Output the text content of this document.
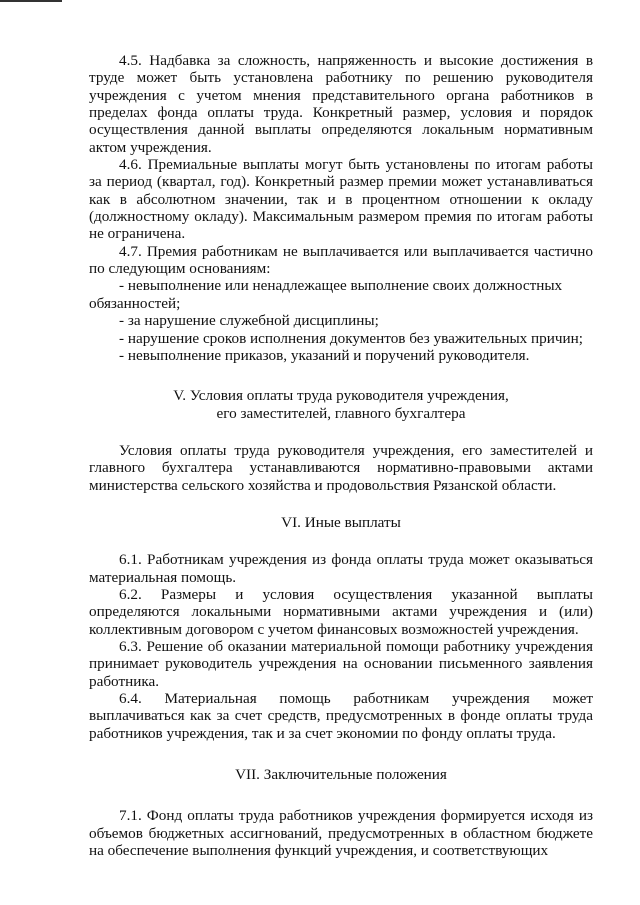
4.5. Надбавка за сложность, напряженность и высокие достижения в труде может быть установлена работнику по решению руководителя учреждения с учетом мнения представительного органа работников в пределах фонда оплаты труда. Конкретный размер, условия и порядок осуществления данной выплаты определяются локальным нормативным актом учреждения.

4.6. Премиальные выплаты могут быть установлены по итогам работы за период (квартал, год). Конкретный размер премии может устанавливаться как в абсолютном значении, так и в процентном отношении к окладу (должностному окладу). Максимальным размером премия по итогам работы не ограничена.

4.7. Премия работникам не выплачивается или выплачивается частично по следующим основаниям:

- невыполнение или ненадлежащее выполнение своих должностных
обязанностей;

- за нарушение служебной дисциплины;

- нарушение сроков исполнения документов без уважительных причин;

- невыполнение приказов, указаний и поручений руководителя.

V. Условия оплаты труда руководителя учреждения,

его заместителей, главного бухгалтера

Условия оплаты труда руководителя учреждения, его заместителей и главного бухгалтера устанавливаются нормативно-правовыми актами министерства сельского хозяйства и продовольствия Рязанской области.

VI. Иные выплаты

6.1. Работникам учреждения из фонда оплаты труда может оказываться материальная помощь.

6.2. Размеры и условия осуществления указанной выплаты определяются локальными нормативными актами учреждения и (или) коллективным договором с учетом финансовых возможностей учреждения.

6.3. Решение об оказании материальной помощи работнику учреждения принимает руководитель учреждения на основании письменного заявления работника.

6.4. Материальная помощь работникам учреждения может выплачиваться как за счет средств, предусмотренных в фонде оплаты труда работников учреждения, так и за счет экономии по фонду оплаты труда.

VII. Заключительные положения

7.1. Фонд оплаты труда работников учреждения формируется исходя из объемов бюджетных ассигнований, предусмотренных в областном бюджете на обеспечение выполнения функций учреждения, и соответствующих
